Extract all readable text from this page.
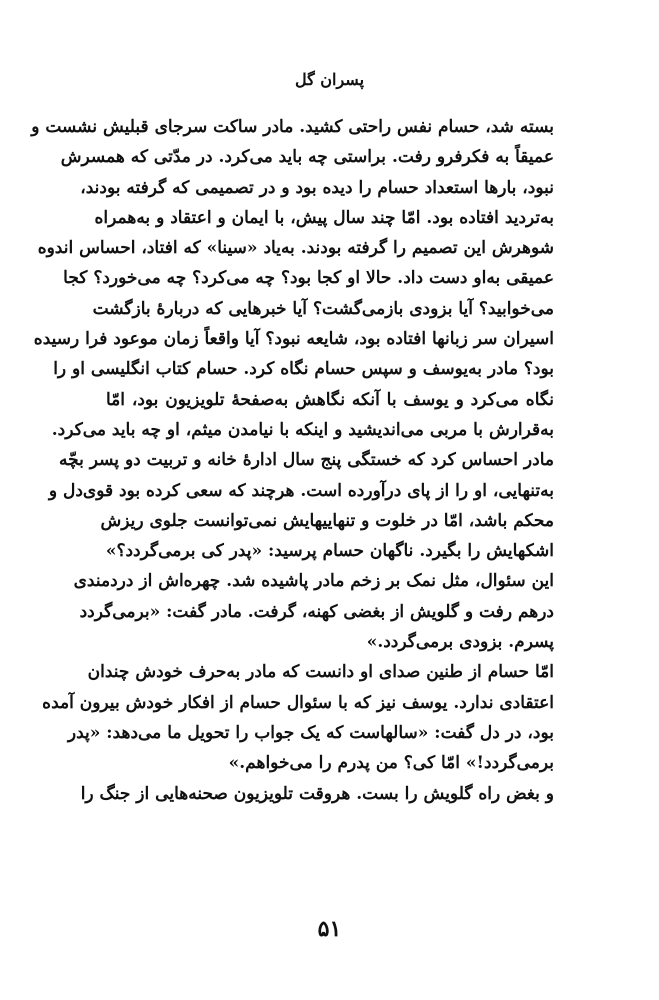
پسران گل
بسته شد، حسام نفس راحتی کشید. مادر ساکت سرجای قبلیش نشست و
عمیقاً به فکرفرو رفت. براستی چه باید می‌کرد. در مدّتی که همسرش
نبود، بارها استعداد حسام را دیده بود و در تصمیمی که گرفته بودند،
به‌تردید افتاده بود. امّا چند سال پیش، با ایمان و اعتقاد و به‌همراه
شوهرش این تصمیم را گرفته بودند. به‌یاد «سینا» که افتاد، احساس اندوه
عمیقی به‌او دست داد. حالا او کجا بود؟ چه می‌کرد؟ چه می‌خورد؟ کجا
می‌خوابید؟ آیا بزودی بازمی‌گشت؟ آیا خبرهایی که دربارهٔ بازگشت
اسیران سر زبانها افتاده بود، شایعه نبود؟ آیا واقعاً زمان موعود فرا رسیده
بود؟ مادر به‌یوسف و سپس حسام نگاه کرد. حسام کتاب انگلیسی او را
نگاه می‌کرد و یوسف با آنکه نگاهش به‌صفحهٔ تلویزیون بود، امّا
به‌قرارش با مربی می‌اندیشید و اینکه با نیامدن میثم، او چه باید می‌کرد.
مادر احساس کرد که خستگی پنج سال ادارهٔ خانه و تربیت دو پسر بچّه
به‌تنهایی، او را از پای درآورده است. هرچند که سعی کرده بود قوی‌دل و
محکم باشد، امّا در خلوت و تنهاییهایش نمی‌توانست جلوی ریزش
اشکهایش را بگیرد. ناگهان حسام پرسید: «پدر کی برمی‌گردد؟»
این سئوال، مثل نمک بر زخم مادر پاشیده شد. چهره‌اش از دردمندی
درهم رفت و گلویش از بغضی کهنه، گرفت. مادر گفت: «برمی‌گردد
پسرم. بزودی برمی‌گردد.»
امّا حسام از طنین صدای او دانست که مادر به‌حرف خودش چندان
اعتقادی ندارد. یوسف نیز که با سئوال حسام از افکار خودش بیرون آمده
بود، در دل گفت: «سالهاست که یک جواب را تحویل ما می‌دهد: «پدر
برمی‌گردد!» امّا کی؟ من پدرم را می‌خواهم.»
و بغض راه گلویش را بست. هروقت تلویزیون صحنه‌هایی از جنگ را
۵۱
